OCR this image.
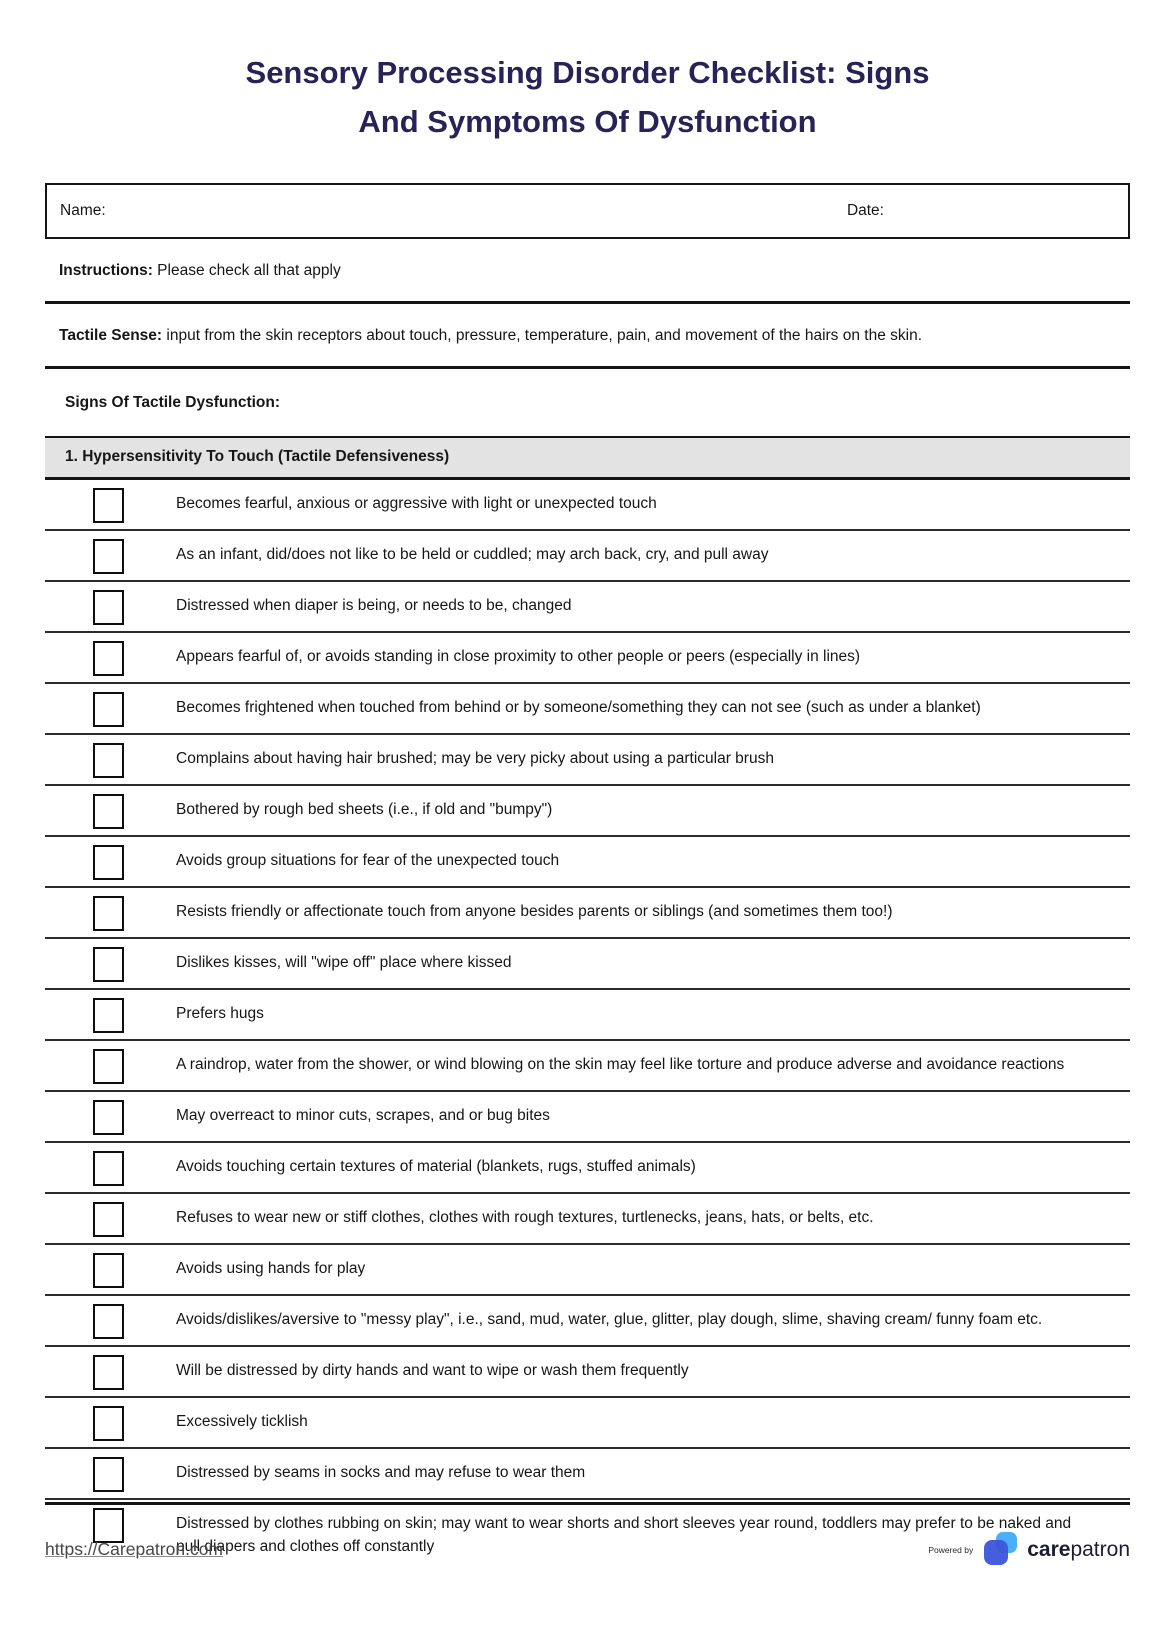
Sensory Processing Disorder Checklist: Signs
And Symptoms Of Dysfunction
Name:	Date:
Instructions: Please check all that apply
Tactile Sense: input from the skin receptors about touch, pressure, temperature, pain, and movement of the hairs on the skin.
Signs Of Tactile Dysfunction:
1. Hypersensitivity To Touch (Tactile Defensiveness)
Becomes fearful, anxious or aggressive with light or unexpected touch
As an infant, did/does not like to be held or cuddled; may arch back, cry, and pull away
Distressed when diaper is being, or needs to be, changed
Appears fearful of, or avoids standing in close proximity to other people or peers (especially in lines)
Becomes frightened when touched from behind or by someone/something they can not see (such as under a blanket)
Complains about having hair brushed; may be very picky about using a particular brush
Bothered by rough bed sheets (i.e., if old and "bumpy")
Avoids group situations for fear of the unexpected touch
Resists friendly or affectionate touch from anyone besides parents or siblings (and sometimes them too!)
Dislikes kisses, will "wipe off" place where kissed
Prefers hugs
A raindrop, water from the shower, or wind blowing on the skin may feel like torture and produce adverse and avoidance reactions
May overreact to minor cuts, scrapes, and or bug bites
Avoids touching certain textures of material (blankets, rugs, stuffed animals)
Refuses to wear new or stiff clothes, clothes with rough textures, turtlenecks, jeans, hats, or belts, etc.
Avoids using hands for play
Avoids/dislikes/aversive to "messy play", i.e., sand, mud, water, glue, glitter, play dough, slime, shaving cream/ funny foam etc.
Will be distressed by dirty hands and want to wipe or wash them frequently
Excessively ticklish
Distressed by seams in socks and may refuse to wear them
Distressed by clothes rubbing on skin; may want to wear shorts and short sleeves year round, toddlers may prefer to be naked and pull diapers and clothes off constantly
https://Carepatron.com	Powered by	carepatron
